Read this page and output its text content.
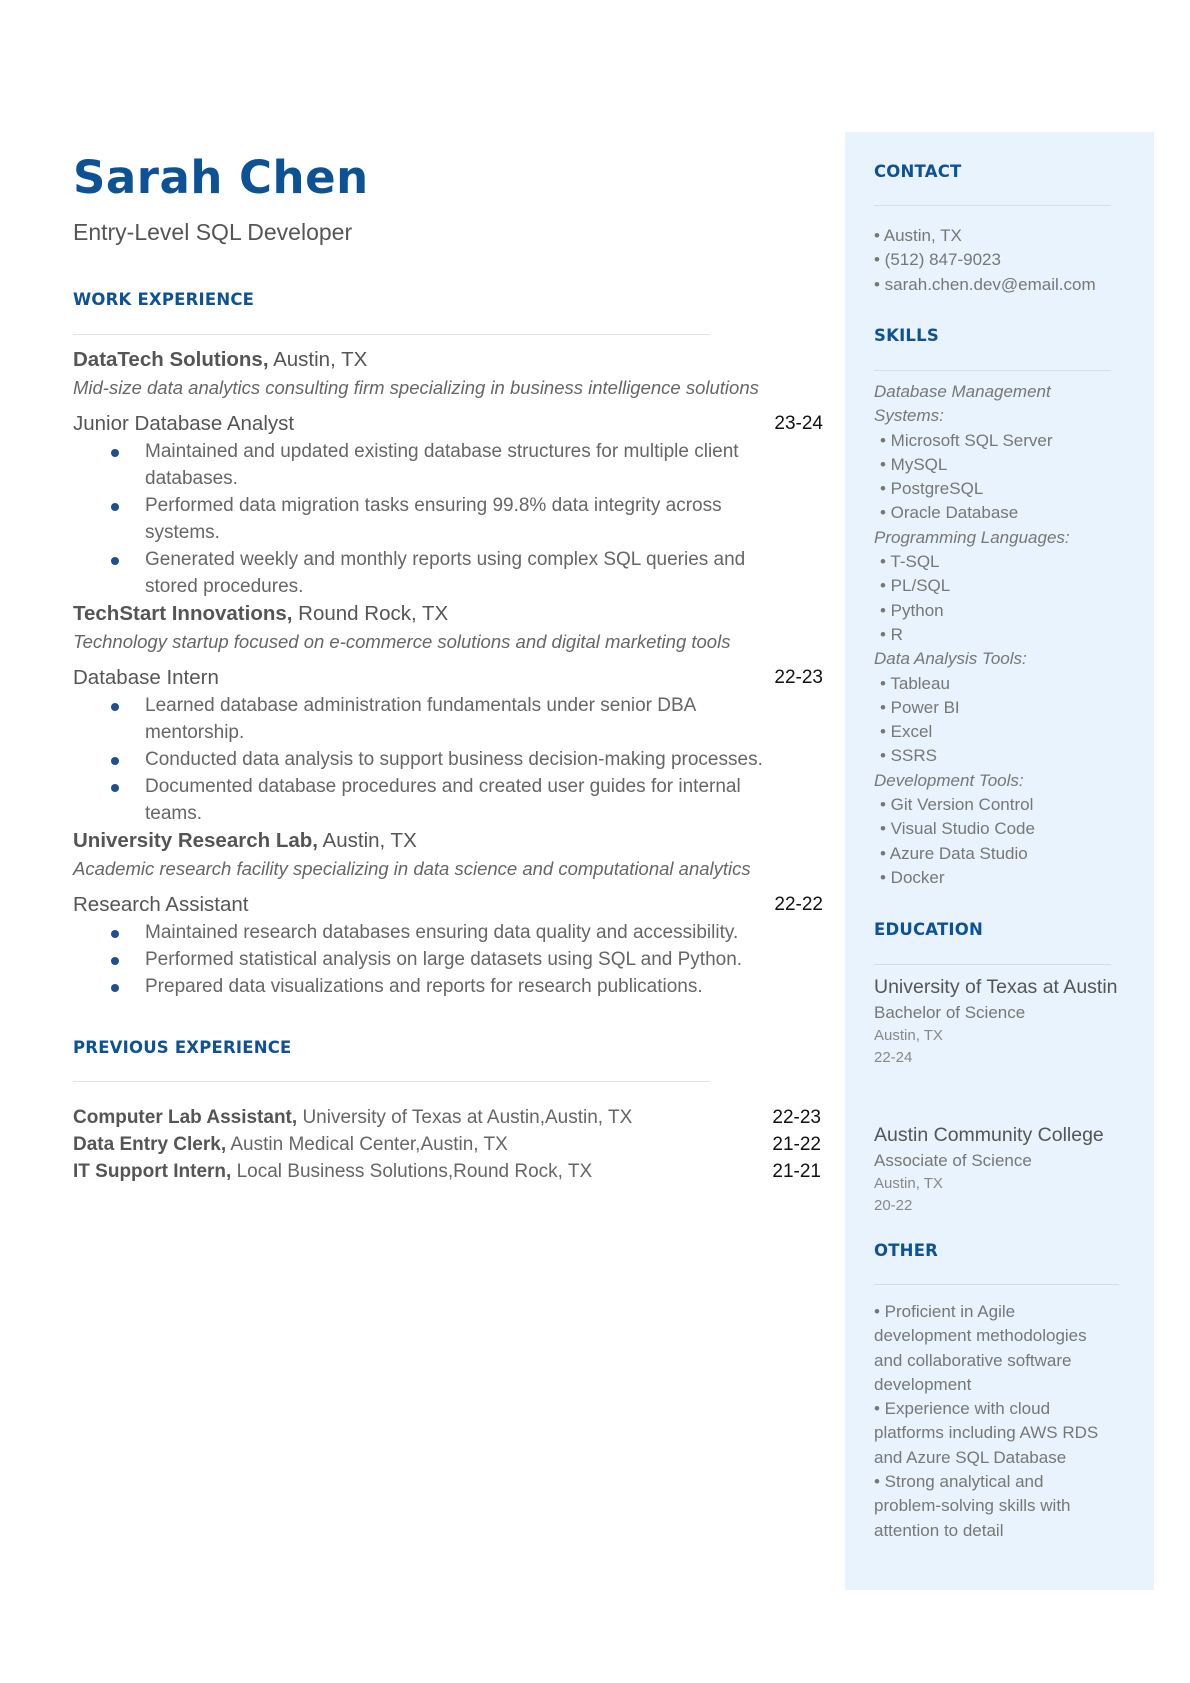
Sarah Chen
Entry-Level SQL Developer
WORK EXPERIENCE
DataTech Solutions, Austin, TX
Mid-size data analytics consulting firm specializing in business intelligence solutions
Junior Database Analyst	23-24
Maintained and updated existing database structures for multiple client databases.
Performed data migration tasks ensuring 99.8% data integrity across systems.
Generated weekly and monthly reports using complex SQL queries and stored procedures.
TechStart Innovations, Round Rock, TX
Technology startup focused on e-commerce solutions and digital marketing tools
Database Intern	22-23
Learned database administration fundamentals under senior DBA mentorship.
Conducted data analysis to support business decision-making processes.
Documented database procedures and created user guides for internal teams.
University Research Lab, Austin, TX
Academic research facility specializing in data science and computational analytics
Research Assistant	22-22
Maintained research databases ensuring data quality and accessibility.
Performed statistical analysis on large datasets using SQL and Python.
Prepared data visualizations and reports for research publications.
PREVIOUS EXPERIENCE
Computer Lab Assistant, University of Texas at Austin,Austin, TX	22-23
Data Entry Clerk, Austin Medical Center,Austin, TX	21-22
IT Support Intern, Local Business Solutions,Round Rock, TX	21-21
CONTACT
• Austin, TX
• (512) 847-9023
• sarah.chen.dev@email.com
SKILLS
Database Management Systems:
• Microsoft SQL Server
• MySQL
• PostgreSQL
• Oracle Database
Programming Languages:
• T-SQL
• PL/SQL
• Python
• R
Data Analysis Tools:
• Tableau
• Power BI
• Excel
• SSRS
Development Tools:
• Git Version Control
• Visual Studio Code
• Azure Data Studio
• Docker
EDUCATION
University of Texas at Austin
Bachelor of Science
Austin, TX
22-24
Austin Community College
Associate of Science
Austin, TX
20-22
OTHER
• Proficient in Agile development methodologies and collaborative software development
• Experience with cloud platforms including AWS RDS and Azure SQL Database
• Strong analytical and problem-solving skills with attention to detail
